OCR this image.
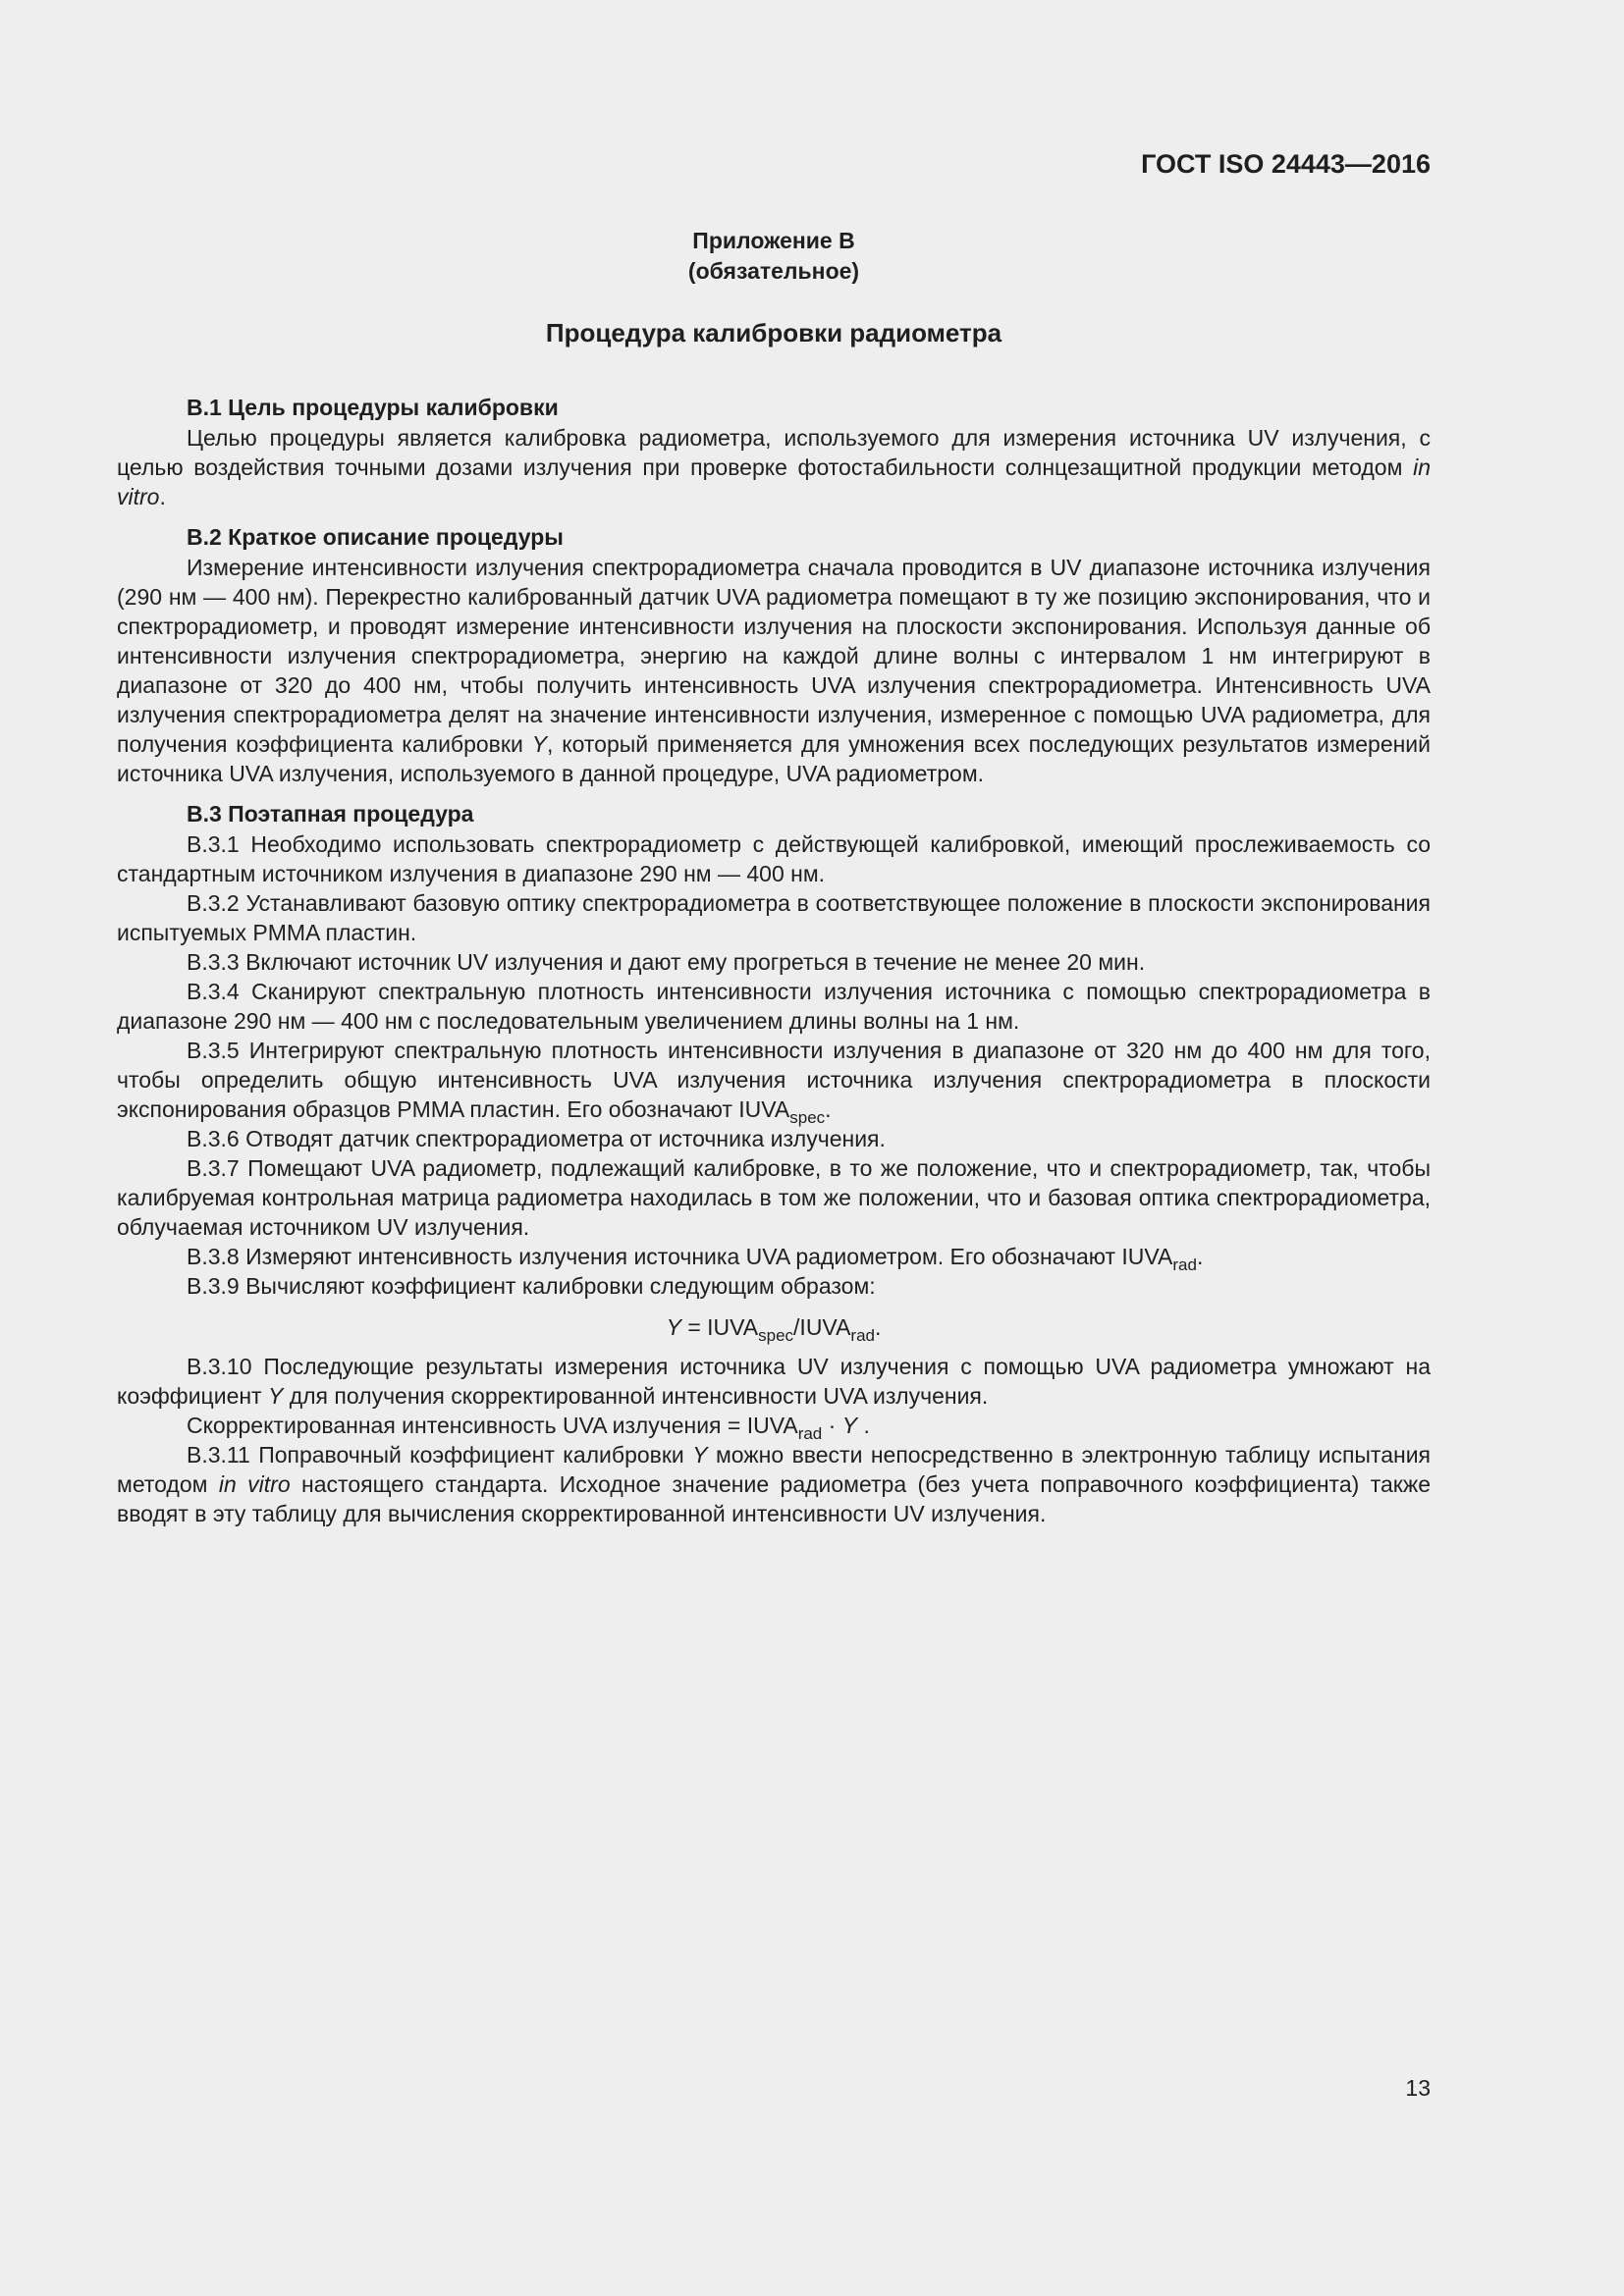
ГОСТ ISO 24443—2016
Приложение В
(обязательное)
Процедура калибровки радиометра

В.1 Цель процедуры калибровки

Целью процедуры является калибровка радиометра, используемого для измерения источника UV излучения, с целью воздействия точными дозами излучения при проверке фотостабильности солнцезащитной продукции методом in vitro.

В.2 Краткое описание процедуры

Измерение интенсивности излучения спектрорадиометра сначала проводится в UV диапазоне источника излучения (290 нм — 400 нм). Перекрестно калиброванный датчик UVA радиометра помещают в ту же позицию экспонирования, что и спектрорадиометр, и проводят измерение интенсивности излучения на плоскости экспонирования. Используя данные об интенсивности излучения спектрорадиометра, энергию на каждой длине волны с интервалом 1 нм интегрируют в диапазоне от 320 до 400 нм, чтобы получить интенсивность UVA излучения спектрорадиометра. Интенсивность UVA излучения спектрорадиометра делят на значение интенсивности излучения, измеренное с помощью UVA радиометра, для получения коэффициента калибровки Y, который применяется для умножения всех последующих результатов измерений источника UVA излучения, используемого в данной процедуре, UVA радиометром.

В.3 Поэтапная процедура

В.3.1 Необходимо использовать спектрорадиометр с действующей калибровкой, имеющий прослеживаемость со стандартным источником излучения в диапазоне 290 нм — 400 нм.

В.3.2 Устанавливают базовую оптику спектрорадиометра в соответствующее положение в плоскости экспонирования испытуемых PMMA пластин.

В.3.3 Включают источник UV излучения и дают ему прогреться в течение не менее 20 мин.

В.3.4 Сканируют спектральную плотность интенсивности излучения источника с помощью спектрорадиометра в диапазоне 290 нм — 400 нм с последовательным увеличением длины волны на 1 нм.

В.3.5 Интегрируют спектральную плотность интенсивности излучения в диапазоне от 320 нм до 400 нм для того, чтобы определить общую интенсивность UVA излучения источника излучения спектрорадиометра в плоскости экспонирования образцов PMMA пластин. Его обозначают $IUVA_{spec}$.

В.3.6 Отводят датчик спектрорадиометра от источника излучения.

В.3.7 Помещают UVA радиометр, подлежащий калибровке, в то же положение, что и спектрорадиометр, так, чтобы калибруемая контрольная матрица радиометра находилась в том же положении, что и базовая оптика спектрорадиометра, облучаемая источником UV излучения.

В.3.8 Измеряют интенсивность излучения источника UVA радиометром. Его обозначают $IUVA_{rad}$.

В.3.9 Вычисляют коэффициент калибровки следующим образом:

$Y = IUVA_{spec}/IUVA_{rad}$.

В.3.10 Последующие результаты измерения источника UV излучения с помощью UVA радиометра умножают на коэффициент Y для получения скорректированной интенсивности UVA излучения.

Скорректированная интенсивность UVA излучения = $IUVA_{rad} \cdot Y$ .

В.3.11 Поправочный коэффициент калибровки Y можно ввести непосредственно в электронную таблицу испытания методом in vitro настоящего стандарта. Исходное значение радиометра (без учета поправочного коэффициента) также вводят в эту таблицу для вычисления скорректированной интенсивности UV излучения.

13
